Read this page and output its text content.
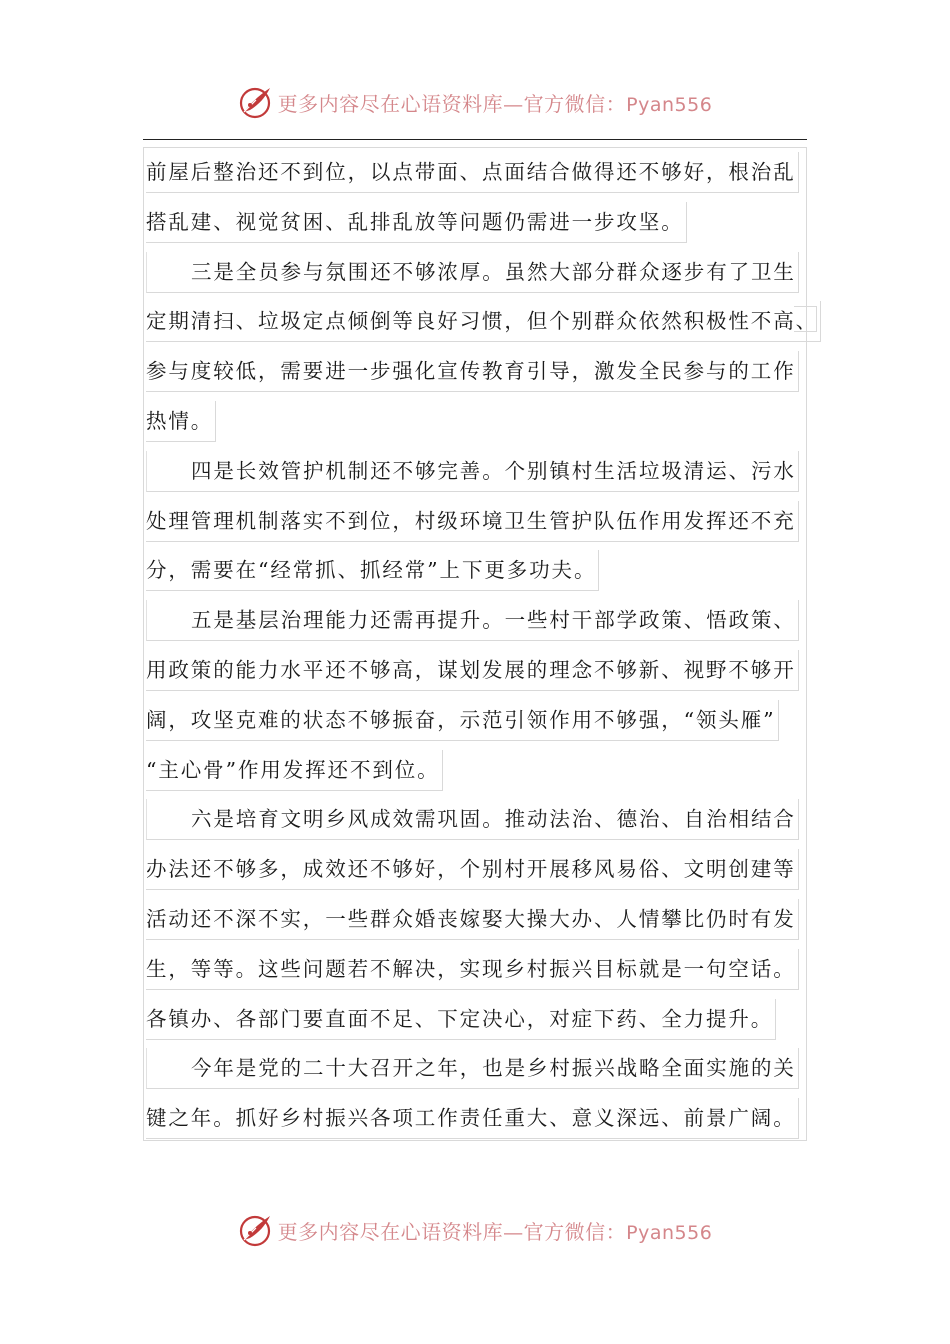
更多内容尽在心语资料库—官方微信：Pyan556
前屋后整治还不到位，以点带面、点面结合做得还不够好，根治乱
搭乱建、视觉贫困、乱排乱放等问题仍需进一步攻坚。
三是全员参与氛围还不够浓厚。虽然大部分群众逐步有了卫生
定期清扫、垃圾定点倾倒等良好习惯，但个别群众依然积极性不高、
参与度较低，需要进一步强化宣传教育引导，激发全民参与的工作
热情。
四是长效管护机制还不够完善。个别镇村生活垃圾清运、污水
处理管理机制落实不到位，村级环境卫生管护队伍作用发挥还不充
分，需要在“经常抓、抓经常”上下更多功夫。
五是基层治理能力还需再提升。一些村干部学政策、悟政策、
用政策的能力水平还不够高，谋划发展的理念不够新、视野不够开
阔，攻坚克难的状态不够振奋，示范引领作用不够强，“领头雁”
“主心骨”作用发挥还不到位。
六是培育文明乡风成效需巩固。推动法治、德治、自治相结合
办法还不够多，成效还不够好，个别村开展移风易俗、文明创建等
活动还不深不实，一些群众婚丧嫁娶大操大办、人情攀比仍时有发
生，等等。这些问题若不解决，实现乡村振兴目标就是一句空话。
各镇办、各部门要直面不足、下定决心，对症下药、全力提升。
今年是党的二十大召开之年，也是乡村振兴战略全面实施的关
键之年。抓好乡村振兴各项工作责任重大、意义深远、前景广阔。
更多内容尽在心语资料库—官方微信：Pyan556
